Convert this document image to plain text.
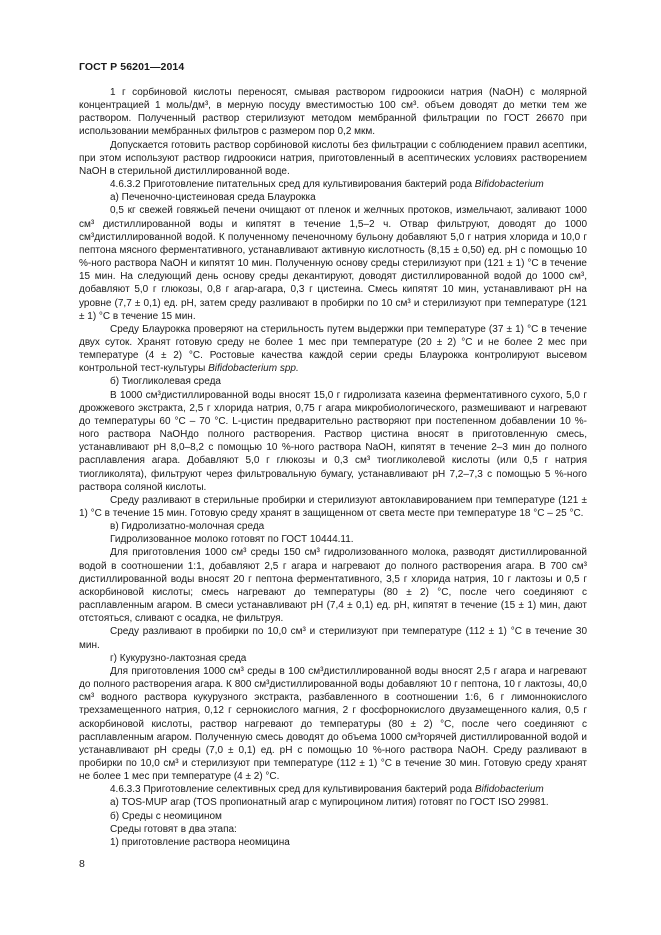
ГОСТ Р 56201—2014

1 г сорбиновой кислоты переносят, смывая раствором гидроокиси натрия (NaOH) с молярной концентрацией 1 моль/дм³, в мерную посуду вместимостью 100 см³. объем доводят до метки тем же раствором. Полученный раствор стерилизуют методом мембранной фильтрации по ГОСТ 26670 при использовании мембранных фильтров с размером пор 0,2 мкм.

Допускается готовить раствор сорбиновой кислоты без фильтрации с соблюдением правил асептики, при этом используют раствор гидроокиси натрия, приготовленный в асептических условиях растворением NaOH в стерильной дистиллированной воде.

4.6.3.2 Приготовление питательных сред для культивирования бактерий рода Bifidobacterium

а) Печеночно-цистеиновая среда Блаурокка

0,5 кг свежей говяжьей печени очищают от пленок и желчных протоков, измельчают, заливают 1000 см³ дистиллированной воды и кипятят в течение 1,5–2 ч. Отвар фильтруют, доводят до 1000 см³дистиллированной водой. К полученному печеночному бульону добавляют 5,0 г натрия хлорида и 10,0 г пептона мясного ферментативного, устанавливают активную кислотность (8,15 ± 0,50) ед. рН с помощью 10 %-ного раствора NaOH и кипятят 10 мин. Полученную основу среды стерилизуют при (121 ± 1) °С в течение 15 мин. На следующий день основу среды декантируют, доводят дистиллированной водой до 1000 см³, добавляют 5,0 г глюкозы, 0,8 г агар-агара, 0,3 г цистеина. Смесь кипятят 10 мин, устанавливают рН на уровне (7,7 ± 0,1) ед. рН, затем среду разливают в пробирки по 10 см³ и стерилизуют при температуре (121 ± 1) °С в течение 15 мин.

Среду Блаурокка проверяют на стерильность путем выдержки при температуре (37 ± 1) °С в течение двух суток. Хранят готовую среду не более 1 мес при температуре (20 ± 2) °С и не более 2 мес при температуре (4 ± 2) °С. Ростовые качества каждой серии среды Блаурокка контролируют высевом контрольной тест-культуры Bifidobacterium spp.

б) Тиогликолевая среда

В 1000 см³дистиллированной воды вносят 15,0 г гидролизата казеина ферментативного сухого, 5,0 г дрожжевого экстракта, 2,5 г хлорида натрия, 0,75 г агара микробиологического, размешивают и нагревают до температуры 60 °С – 70 °С. L-цистин предварительно растворяют при постепенном добавлении 10 %-ного раствора NaOHдо полного растворения. Раствор цистина вносят в приготовленную смесь, устанавливают рН 8,0–8,2 с помощью 10 %-ного раствора NaOH, кипятят в течение 2–3 мин до полного расплавления агара. Добавляют 5,0 г глюкозы и 0,3 см³ тиогликолевой кислоты (или 0,5 г натрия тиогликолята), фильтруют через фильтровальную бумагу, устанавливают рН 7,2–7,3 с помощью 5 %-ного раствора соляной кислоты.

Среду разливают в стерильные пробирки и стерилизуют автоклавированием при температуре (121 ± 1) °С в течение 15 мин. Готовую среду хранят в защищенном от света месте при температуре 18 °С – 25 °С.

в) Гидролизатно-молочная среда

Гидролизованное молоко готовят по ГОСТ 10444.11.

Для приготовления 1000 см³ среды 150 см³ гидролизованного молока, разводят дистиллированной водой в соотношении 1:1, добавляют 2,5 г агара и нагревают до полного растворения агара. В 700 см³ дистиллированной воды вносят 20 г пептона ферментативного, 3,5 г хлорида натрия, 10 г лактозы и 0,5 г аскорбиновой кислоты; смесь нагревают до температуры (80 ± 2) °С, после чего соединяют с расплавленным агаром. В смеси устанавливают рН (7,4 ± 0,1) ед. рН, кипятят в течение (15 ± 1) мин, дают отстояться, сливают с осадка, не фильтруя.

Среду разливают в пробирки по 10,0 см³ и стерилизуют при температуре (112 ± 1) °С в течение 30 мин.

г) Кукурузно-лактозная среда

Для приготовления 1000 см³ среды в 100 см³дистиллированной воды вносят 2,5 г агара и нагревают до полного растворения агара. К 800 см³дистиллированной воды добавляют 10 г пептона, 10 г лактозы, 40,0 см³ водного раствора кукурузного экстракта, разбавленного в соотношении 1:6, 6 г лимоннокислого трехзамещенного натрия, 0,12 г сернокислого магния, 2 г фосфорнокислого двузамещенного калия, 0,5 г аскорбиновой кислоты, раствор нагревают до температуры (80 ± 2) °С, после чего соединяют с расплавленным агаром. Полученную смесь доводят до объема 1000 см³горячей дистиллированной водой и устанавливают рН среды (7,0 ± 0,1) ед. рН с помощью 10 %-ного раствора NaOH. Среду разливают в пробирки по 10,0 см³ и стерилизуют при температуре (112 ± 1) °С в течение 30 мин. Готовую среду хранят не более 1 мес при температуре (4 ± 2) °С.

4.6.3.3 Приготовление селективных сред для культивирования бактерий рода Bifidobacterium

а) TOS-MUP агар (TOS пропионатный агар с мупироцином лития) готовят по ГОСТ ISO 29981.

б) Среды с неомицином

Среды готовят в два этапа:

1) приготовление раствора неомицина

8
